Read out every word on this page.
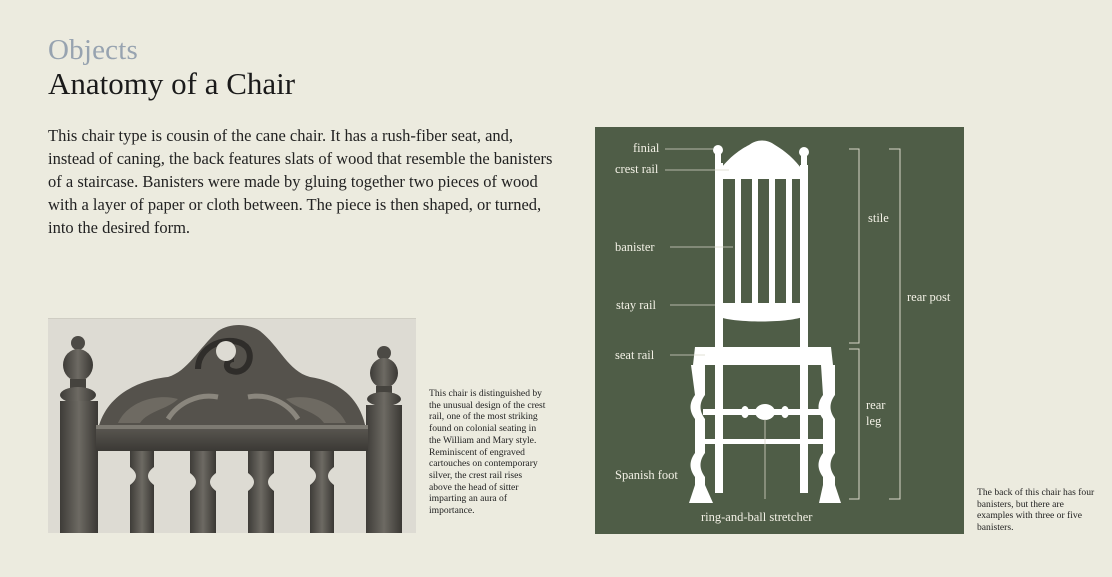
Objects
Anatomy of a Chair

This chair type is cousin of the cane chair. It has a rush-fiber seat, and, instead of caning, the back features slats of wood that resemble the banisters of a staircase. Banisters were made by gluing together two pieces of wood with a layer of paper or cloth between. The piece is then shaped, or turned, into the desired form.

This chair is distinguished by the unusual design of the crest rail, one of the most striking found on colonial seating in the William and Mary style. Reminiscent of engraved cartouches on contemporary silver, the crest rail rises above the head of sitter imparting an aura of importance.

finial
crest rail
banister
stay rail
seat rail
Spanish foot
ring-and-ball stretcher
stile
rear post
rear
leg

The back of this chair has four banisters, but there are examples with three or five banisters.
